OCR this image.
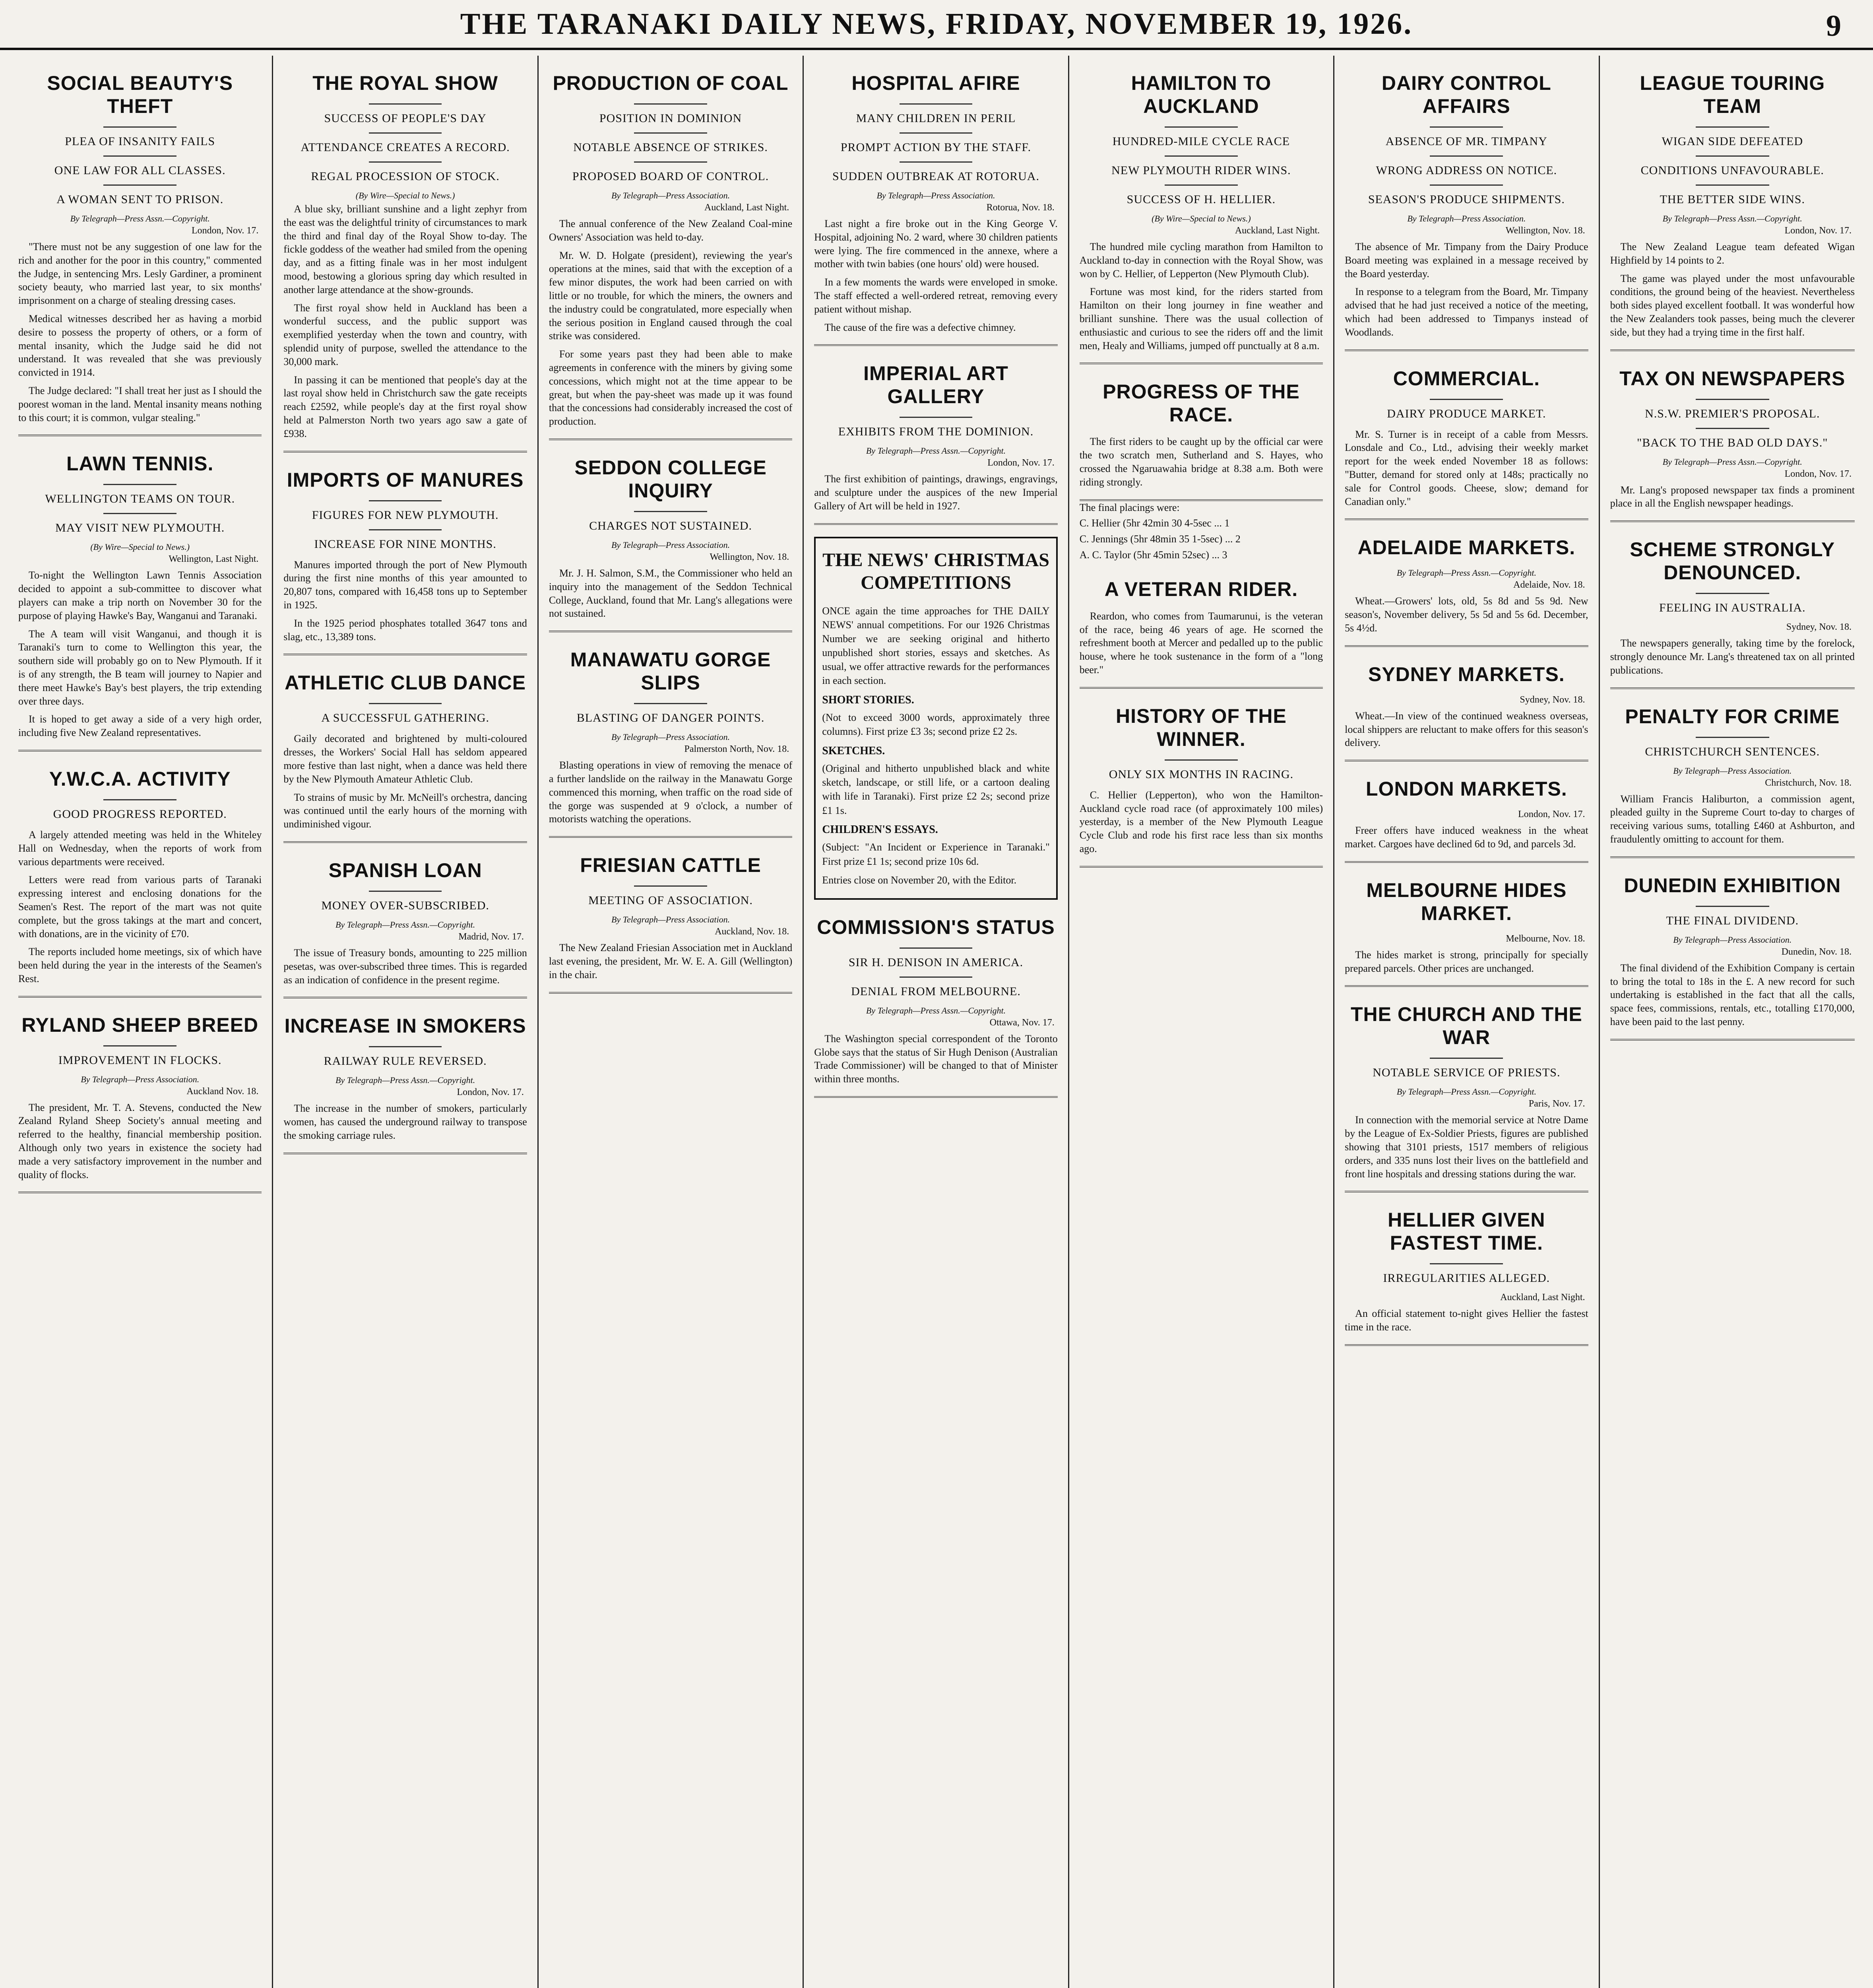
THE TARANAKI DAILY NEWS, FRIDAY, NOVEMBER 19, 1926.	9
SOCIAL BEAUTY'S THEFT
PLEA OF INSANITY FAILS
ONE LAW FOR ALL CLASSES.
A WOMAN SENT TO PRISON.
By Telegraph—Press Assn.—Copyright.
London, Nov. 17.

"There must not be any suggestion of one law for the rich and another for the poor in this country," commented the Judge, in sentencing Mrs. Lesly Gardiner, a prominent society beauty, who married last year, to six months' imprisonment on a charge of stealing dressing cases.

Medical witnesses described her as having a morbid desire to possess the property of others, or a form of mental insanity, which the Judge said he did not understand. It was revealed that she was previously convicted in 1914.

The Judge declared: "I shall treat her just as I should the poorest woman in the land. Mental insanity means nothing to this court; it is common, vulgar stealing."

LAWN TENNIS.
WELLINGTON TEAMS ON TOUR.
MAY VISIT NEW PLYMOUTH.
(By Wire—Special to News.)
Wellington, Last Night.

To-night the Wellington Lawn Tennis Association decided to appoint a sub-committee to discover what players can make a trip north on November 30 for the purpose of playing Hawke's Bay, Wanganui and Taranaki.

The A team will visit Wanganui, and though it is Taranaki's turn to come to Wellington this year, the southern side will probably go on to New Plymouth. If it is of any strength, the B team will journey to Napier and there meet Hawke's Bay's best players, the trip extending over three days.

It is hoped to get away a side of a very high order, including five New Zealand representatives.

Y.W.C.A. ACTIVITY
GOOD PROGRESS REPORTED.

A largely attended meeting was held in the Whiteley Hall on Wednesday, when the reports of work from various departments were received.

Letters were read from various parts of Taranaki expressing interest and enclosing donations for the Seamen's Rest. The report of the mart was not quite complete, but the gross takings at the mart and concert, with donations, are in the vicinity of £70.

The reports included home meetings, six of which have been held during the year in the interests of the Seamen's Rest.

RYLAND SHEEP BREED
IMPROVEMENT IN FLOCKS.
By Telegraph—Press Association.
Auckland Nov. 18.

The president, Mr. T. A. Stevens, conducted the New Zealand Ryland Sheep Society's annual meeting and referred to the healthy, financial membership position. Although only two years in existence the society had made a very satisfactory improvement in the number and quality of flocks.

THE ROYAL SHOW
SUCCESS OF PEOPLE'S DAY
ATTENDANCE CREATES A RECORD.
REGAL PROCESSION OF STOCK.
(By Wire—Special to News.)

A blue sky, brilliant sunshine and a light zephyr from the east was the delightful trinity of circumstances to mark the third and final day of the Royal Show to-day. The fickle goddess of the weather had smiled from the opening day, and as a fitting finale was in her most indulgent mood, bestowing a glorious spring day which resulted in another large attendance at the show-grounds.

The first royal show held in Auckland has been a wonderful success, and the public support was exemplified yesterday when the town and country, with splendid unity of purpose, swelled the attendance to the 30,000 mark.

In passing it can be mentioned that people's day at the last royal show held in Christchurch saw the gate receipts reach £2592, while people's day at the first royal show held at Palmerston North two years ago saw a gate of £938.

IMPORTS OF MANURES
FIGURES FOR NEW PLYMOUTH.
INCREASE FOR NINE MONTHS.

Manures imported through the port of New Plymouth during the first nine months of this year amounted to 20,807 tons, compared with 16,458 tons up to September in 1925.

In the 1925 period phosphates totalled 3647 tons and slag, etc., 13,389 tons.

ATHLETIC CLUB DANCE
A SUCCESSFUL GATHERING.

Gaily decorated and brightened by multi-coloured dresses, the Workers' Social Hall has seldom appeared more festive than last night, when a dance was held there by the New Plymouth Amateur Athletic Club.

To strains of music by Mr. McNeill's orchestra, dancing was continued until the early hours of the morning with undiminished vigour.

SPANISH LOAN
MONEY OVER-SUBSCRIBED.
By Telegraph—Press Assn.—Copyright.
Madrid, Nov. 17.

The issue of Treasury bonds, amounting to 225 million pesetas, was over-subscribed three times. This is regarded as an indication of confidence in the present regime.

INCREASE IN SMOKERS
RAILWAY RULE REVERSED.
By Telegraph—Press Assn.—Copyright.
London, Nov. 17.

The increase in the number of smokers, particularly women, has caused the underground railway to transpose the smoking carriage rules.

PRODUCTION OF COAL
POSITION IN DOMINION
NOTABLE ABSENCE OF STRIKES.
PROPOSED BOARD OF CONTROL.
By Telegraph—Press Association.
Auckland, Last Night.

The annual conference of the New Zealand Coal-mine Owners' Association was held to-day.

Mr. W. D. Holgate (president), reviewing the year's operations at the mines, said that with the exception of a few minor disputes, the work had been carried on with little or no trouble, for which the miners, the owners and the industry could be congratulated, more especially when the serious position in England caused through the coal strike was considered.

For some years past they had been able to make agreements in conference with the miners by giving some concessions, which might not at the time appear to be great, but when the pay-sheet was made up it was found that the concessions had considerably increased the cost of production.

SEDDON COLLEGE INQUIRY
CHARGES NOT SUSTAINED.
By Telegraph—Press Association.
Wellington, Nov. 18.

Mr. J. H. Salmon, S.M., the Commissioner who held an inquiry into the management of the Seddon Technical College, Auckland, found that Mr. Lang's allegations were not sustained.

MANAWATU GORGE SLIPS
BLASTING OF DANGER POINTS.
By Telegraph—Press Association.
Palmerston North, Nov. 18.

Blasting operations in view of removing the menace of a further landslide on the railway in the Manawatu Gorge commenced this morning, when traffic on the road side of the gorge was suspended at 9 o'clock, a number of motorists watching the operations.

FRIESIAN CATTLE
MEETING OF ASSOCIATION.
By Telegraph—Press Association.
Auckland, Nov. 18.

The New Zealand Friesian Association met in Auckland last evening, the president, Mr. W. E. A. Gill (Wellington) in the chair.

HOSPITAL AFIRE
MANY CHILDREN IN PERIL
PROMPT ACTION BY THE STAFF.
SUDDEN OUTBREAK AT ROTORUA.
By Telegraph—Press Association.
Rotorua, Nov. 18.

Last night a fire broke out in the King George V. Hospital, adjoining No. 2 ward, where 30 children patients were lying. The fire commenced in the annexe, where a mother with twin babies (one hours' old) were housed.

In a few moments the wards were enveloped in smoke. The staff effected a well-ordered retreat, removing every patient without mishap.

The cause of the fire was a defective chimney.

IMPERIAL ART GALLERY
EXHIBITS FROM THE DOMINION.
By Telegraph—Press Assn.—Copyright.
London, Nov. 17.

The first exhibition of paintings, drawings, engravings, and sculpture under the auspices of the new Imperial Gallery of Art will be held in 1927.

THE NEWS' CHRISTMAS COMPETITIONS

ONCE again the time approaches for THE DAILY NEWS' annual competitions. For our 1926 Christmas Number we are seeking original and hitherto unpublished short stories, essays and sketches. As usual, we offer attractive rewards for the performances in each section.

SHORT STORIES.

(Not to exceed 3000 words, approximately three columns). First prize £3 3s; second prize £2 2s.

SKETCHES.

(Original and hitherto unpublished black and white sketch, landscape, or still life, or a cartoon dealing with life in Taranaki). First prize £2 2s; second prize £1 1s.

CHILDREN'S ESSAYS.

(Subject: "An Incident or Experience in Taranaki." First prize £1 1s; second prize 10s 6d.

Entries close on November 20, with the Editor.

COMMISSION'S STATUS
SIR H. DENISON IN AMERICA.
DENIAL FROM MELBOURNE.
By Telegraph—Press Assn.—Copyright.
Ottawa, Nov. 17.

The Washington special correspondent of the Toronto Globe says that the status of Sir Hugh Denison (Australian Trade Commissioner) will be changed to that of Minister within three months.

HAMILTON TO AUCKLAND
HUNDRED-MILE CYCLE RACE
NEW PLYMOUTH RIDER WINS.
SUCCESS OF H. HELLIER.
(By Wire—Special to News.)
Auckland, Last Night.

The hundred mile cycling marathon from Hamilton to Auckland to-day in connection with the Royal Show, was won by C. Hellier, of Lepperton (New Plymouth Club).

Fortune was most kind, for the riders started from Hamilton on their long journey in fine weather and brilliant sunshine. There was the usual collection of enthusiastic and curious to see the riders off and the limit men, Healy and Williams, jumped off punctually at 8 a.m.

PROGRESS OF THE RACE.

The first riders to be caught up by the official car were the two scratch men, Sutherland and S. Hayes, who crossed the Ngaruawahia bridge at 8.38 a.m. Both were riding strongly.

The final placings were:

C. Hellier (5hr 42min 30 4-5sec ... 1

C. Jennings (5hr 48min 35 1-5sec) ... 2

A. C. Taylor (5hr 45min 52sec) ... 3

A VETERAN RIDER.

Reardon, who comes from Taumarunui, is the veteran of the race, being 46 years of age. He scorned the refreshment booth at Mercer and pedalled up to the public house, where he took sustenance in the form of a "long beer."

HISTORY OF THE WINNER.
ONLY SIX MONTHS IN RACING.

C. Hellier (Lepperton), who won the Hamilton-Auckland cycle road race (of approximately 100 miles) yesterday, is a member of the New Plymouth League Cycle Club and rode his first race less than six months ago.

DAIRY CONTROL AFFAIRS
ABSENCE OF MR. TIMPANY
WRONG ADDRESS ON NOTICE.
SEASON'S PRODUCE SHIPMENTS.
By Telegraph—Press Association.
Wellington, Nov. 18.

The absence of Mr. Timpany from the Dairy Produce Board meeting was explained in a message received by the Board yesterday.

In response to a telegram from the Board, Mr. Timpany advised that he had just received a notice of the meeting, which had been addressed to Timpanys instead of Woodlands.

COMMERCIAL.
DAIRY PRODUCE MARKET.

Mr. S. Turner is in receipt of a cable from Messrs. Lonsdale and Co., Ltd., advising their weekly market report for the week ended November 18 as follows: "Butter, demand for stored only at 148s; practically no sale for Control goods. Cheese, slow; demand for Canadian only."

ADELAIDE MARKETS.
By Telegraph—Press Assn.—Copyright.
Adelaide, Nov. 18.

Wheat.—Growers' lots, old, 5s 8d and 5s 9d. New season's, November delivery, 5s 5d and 5s 6d. December, 5s 4½d.

SYDNEY MARKETS.
Sydney, Nov. 18.

Wheat.—In view of the continued weakness overseas, local shippers are reluctant to make offers for this season's delivery.

LONDON MARKETS.
London, Nov. 17.

Freer offers have induced weakness in the wheat market. Cargoes have declined 6d to 9d, and parcels 3d.

MELBOURNE HIDES MARKET.
Melbourne, Nov. 18.

The hides market is strong, principally for specially prepared parcels. Other prices are unchanged.

THE CHURCH AND THE WAR
NOTABLE SERVICE OF PRIESTS.
By Telegraph—Press Assn.—Copyright.
Paris, Nov. 17.

In connection with the memorial service at Notre Dame by the League of Ex-Soldier Priests, figures are published showing that 3101 priests, 1517 members of religious orders, and 335 nuns lost their lives on the battlefield and front line hospitals and dressing stations during the war.

HELLIER GIVEN FASTEST TIME.
IRREGULARITIES ALLEGED.
Auckland, Last Night.

An official statement to-night gives Hellier the fastest time in the race.

LEAGUE TOURING TEAM
WIGAN SIDE DEFEATED
CONDITIONS UNFAVOURABLE.
THE BETTER SIDE WINS.
By Telegraph—Press Assn.—Copyright.
London, Nov. 17.

The New Zealand League team defeated Wigan Highfield by 14 points to 2.

The game was played under the most unfavourable conditions, the ground being of the heaviest. Nevertheless both sides played excellent football. It was wonderful how the New Zealanders took passes, being much the cleverer side, but they had a trying time in the first half.

TAX ON NEWSPAPERS
N.S.W. PREMIER'S PROPOSAL.
"BACK TO THE BAD OLD DAYS."
By Telegraph—Press Assn.—Copyright.
London, Nov. 17.

Mr. Lang's proposed newspaper tax finds a prominent place in all the English newspaper headings.

SCHEME STRONGLY DENOUNCED.
FEELING IN AUSTRALIA.
Sydney, Nov. 18.

The newspapers generally, taking time by the forelock, strongly denounce Mr. Lang's threatened tax on all printed publications.

PENALTY FOR CRIME
CHRISTCHURCH SENTENCES.
By Telegraph—Press Association.
Christchurch, Nov. 18.

William Francis Haliburton, a commission agent, pleaded guilty in the Supreme Court to-day to charges of receiving various sums, totalling £460 at Ashburton, and fraudulently omitting to account for them.

DUNEDIN EXHIBITION
THE FINAL DIVIDEND.
By Telegraph—Press Association.
Dunedin, Nov. 18.

The final dividend of the Exhibition Company is certain to bring the total to 18s in the £. A new record for such undertaking is established in the fact that all the calls, space fees, commissions, rentals, etc., totalling £170,000, have been paid to the last penny.
